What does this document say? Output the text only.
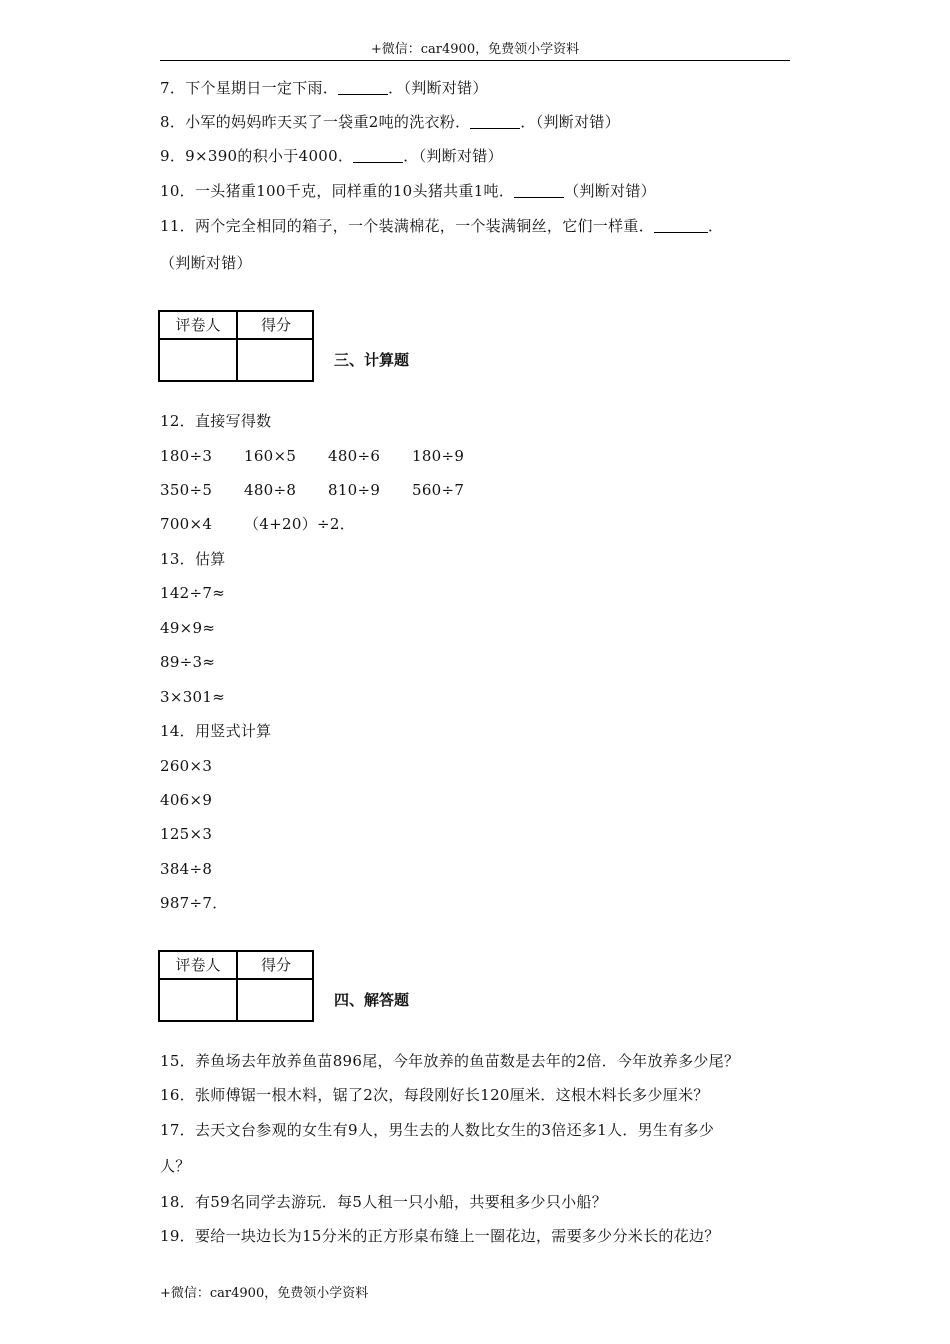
+微信：car4900，免费领小学资料
7．下个星期日一定下雨．	．（判断对错）
8．小军的妈妈昨天买了一袋重2吨的洗衣粉．	．（判断对错）
9．9×390的积小于4000．	．（判断对错）
10．一头猪重100千克，同样重的10头猪共重1吨．	（判断对错）
11．两个完全相同的箱子，一个装满棉花，一个装满铜丝，它们一样重．	．
（判断对错）
评卷人	得分
三、计算题
12．直接写得数
180÷3 160×5 480÷6 180÷9
350÷5 480÷8 810÷9 560÷7
700×4 （4+20）÷2．
13．估算
142÷7≈
49×9≈
89÷3≈
3×301≈
14．用竖式计算
260×3
406×9
125×3
384÷8
987÷7．
评卷人	得分
四、解答题
15．养鱼场去年放养鱼苗896尾，今年放养的鱼苗数是去年的2倍．今年放养多少尾？
16．张师傅锯一根木料，锯了2次，每段刚好长120厘米．这根木料长多少厘米？
17．去天文台参观的女生有9人，男生去的人数比女生的3倍还多1人．男生有多少
人？
18．有59名同学去游玩．每5人租一只小船，共要租多少只小船？
19．要给一块边长为15分米的正方形桌布缝上一圈花边，需要多少分米长的花边？
+微信：car4900，免费领小学资料
